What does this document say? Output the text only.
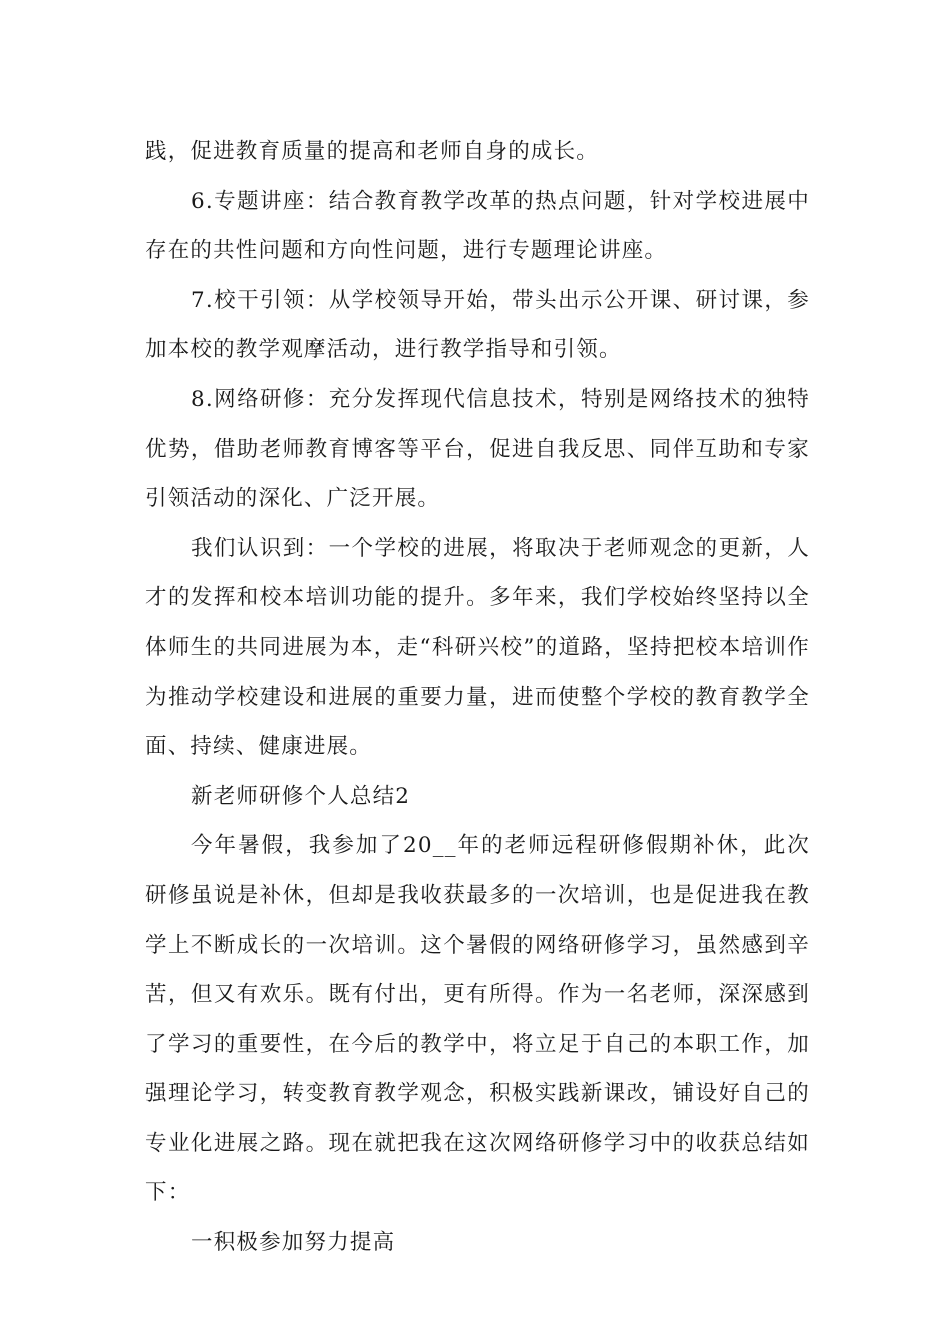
践，促进教育质量的提高和老师自身的成长。

6.专题讲座：结合教育教学改革的热点问题，针对学校进展中存在的共性问题和方向性问题，进行专题理论讲座。

7.校干引领：从学校领导开始，带头出示公开课、研讨课，参加本校的教学观摩活动，进行教学指导和引领。

8.网络研修：充分发挥现代信息技术，特别是网络技术的独特优势，借助老师教育博客等平台，促进自我反思、同伴互助和专家引领活动的深化、广泛开展。

我们认识到：一个学校的进展，将取决于老师观念的更新，人才的发挥和校本培训功能的提升。多年来，我们学校始终坚持以全体师生的共同进展为本，走“科研兴校”的道路，坚持把校本培训作为推动学校建设和进展的重要力量，进而使整个学校的教育教学全面、持续、健康进展。

新老师研修个人总结2

今年暑假，我参加了20__年的老师远程研修假期补休，此次研修虽说是补休，但却是我收获最多的一次培训，也是促进我在教学上不断成长的一次培训。这个暑假的网络研修学习，虽然感到辛苦，但又有欢乐。既有付出，更有所得。作为一名老师，深深感到了学习的重要性，在今后的教学中，将立足于自己的本职工作，加强理论学习，转变教育教学观念，积极实践新课改，铺设好自己的专业化进展之路。现在就把我在这次网络研修学习中的收获总结如下：

一积极参加努力提高
